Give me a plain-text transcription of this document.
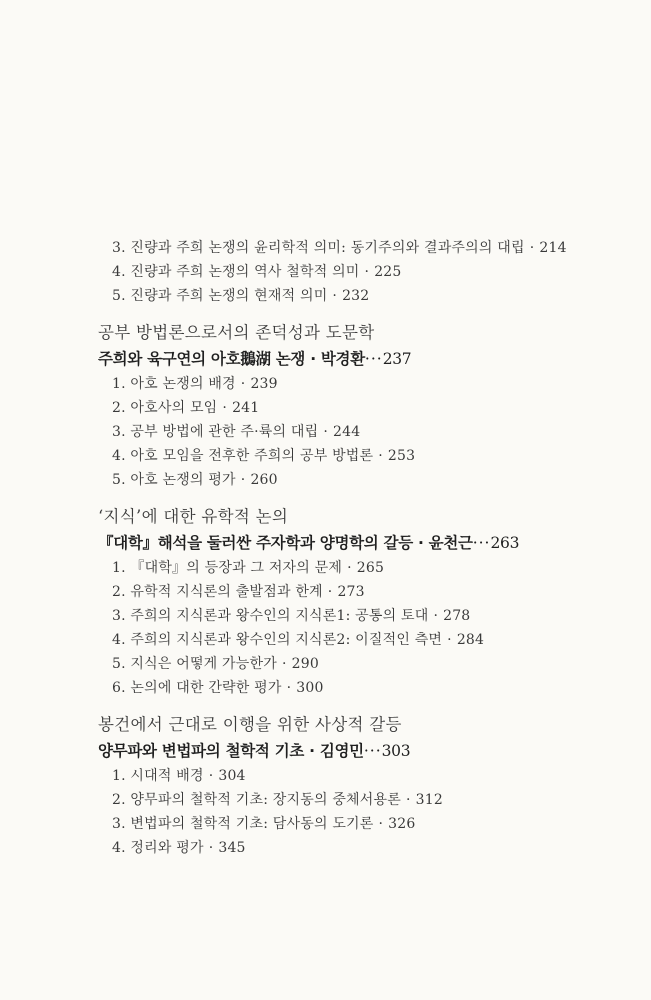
3. 진량과 주희 논쟁의 윤리학적 의미: 동기주의와 결과주의의 대립 · 214
4. 진량과 주희 논쟁의 역사 철학적 의미 · 225
5. 진량과 주희 논쟁의 현재적 의미 · 232
공부 방법론으로서의 존덕성과 도문학
주희와 육구연의 아호鵝湖 논쟁 · 박경환···237
1. 아호 논쟁의 배경 · 239
2. 아호사의 모임 · 241
3. 공부 방법에 관한 주·륙의 대립 · 244
4. 아호 모임을 전후한 주희의 공부 방법론 · 253
5. 아호 논쟁의 평가 · 260
‘지식’에 대한 유학적 논의
『대학』해석을 둘러싼 주자학과 양명학의 갈등 · 윤천근···263
1. 『대학』의 등장과 그 저자의 문제 · 265
2. 유학적 지식론의 출발점과 한계 · 273
3. 주희의 지식론과 왕수인의 지식론1: 공통의 토대 · 278
4. 주희의 지식론과 왕수인의 지식론2: 이질적인 측면 · 284
5. 지식은 어떻게 가능한가 · 290
6. 논의에 대한 간략한 평가 · 300
봉건에서 근대로 이행을 위한 사상적 갈등
양무파와 변법파의 철학적 기초 · 김영민···303
1. 시대적 배경 · 304
2. 양무파의 철학적 기초: 장지동의 중체서용론 · 312
3. 변법파의 철학적 기초: 담사동의 도기론 · 326
4. 정리와 평가 · 345
